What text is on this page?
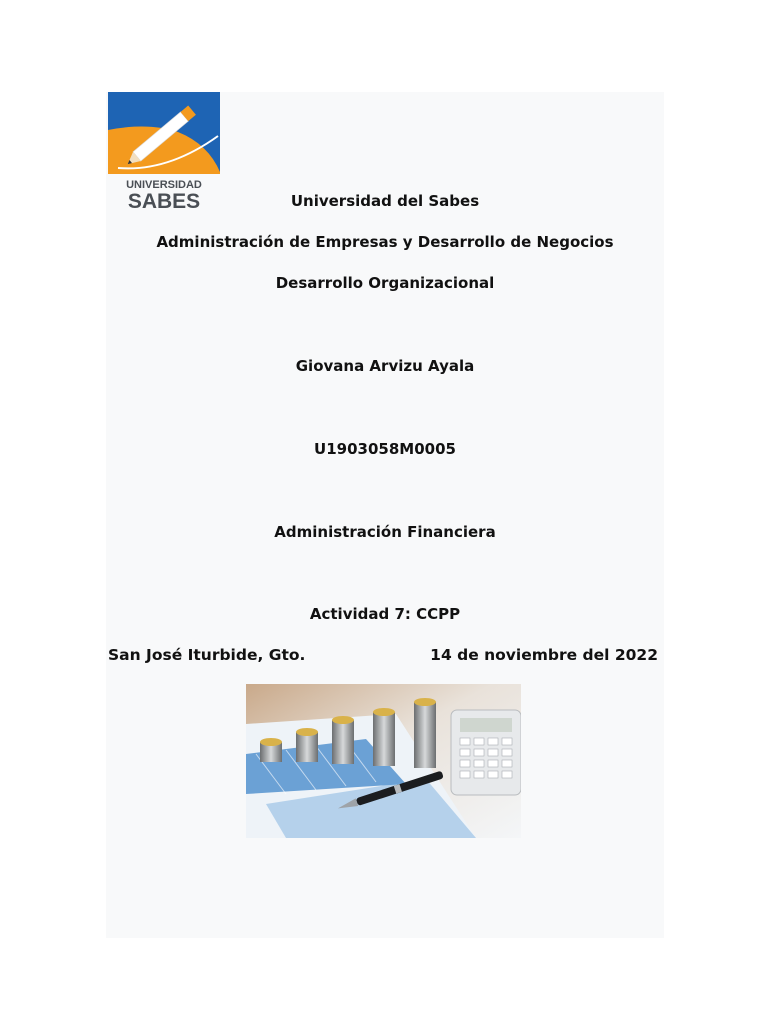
UNIVERSIDAD
SABES	Universidad del Sabes
Administración de Empresas y Desarrollo de Negocios
Desarrollo Organizacional
Giovana Arvizu Ayala
U1903058M0005
Administración Financiera
Actividad 7: CCPP
San José Iturbide, Gto.	14 de noviembre del 2022
